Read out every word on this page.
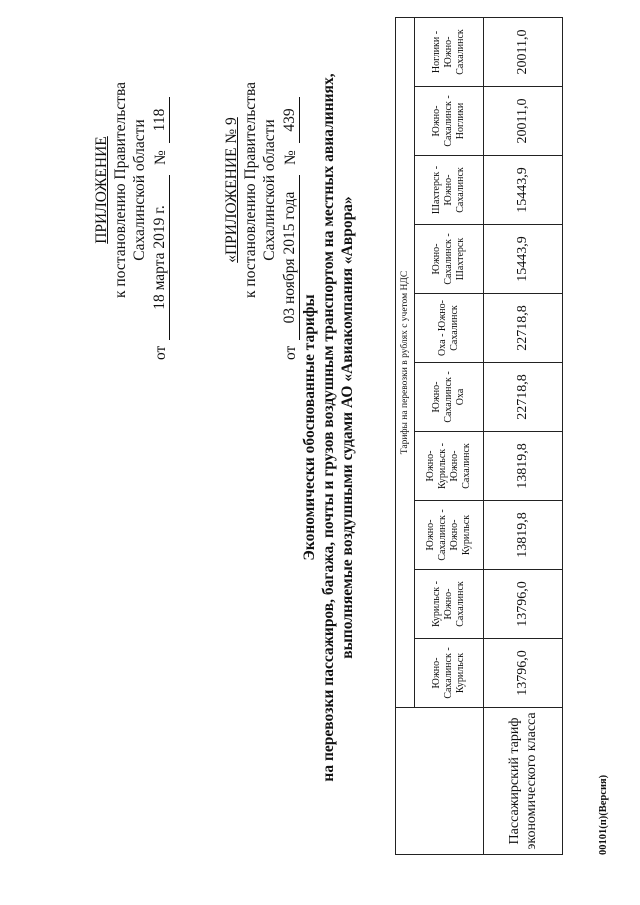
ПРИЛОЖЕНИЕ к постановлению Правительства Сахалинской области
от
18 марта 2019 г.
№
118	«ПРИЛОЖЕНИЕ № 9 к постановлению Правительства Сахалинской области
от
03 ноября 2015 года
№
439
Экономически обоснованные тарифы на перевозки пассажиров, багажа, почты и грузов воздушным транспортом на местных авиалиниях, выполняемые воздушными судами АО «Авиакомпания «Аврора»
		Тарифы на перевозки в рублях с учетом НДС									
	Южно-Сахалинск - Курильск	Курильск - Южно-Сахалинск	Южно-Сахалинск - Южно-Курильск	Южно-Курильск - Южно-Сахалинск	Южно-Сахалинск - Оха	Оха - Южно-Сахалинск	Южно-Сахалинск - Шахтерск	Шахтерск - Южно-Сахалинск	Южно-Сахалинск - Ноглики	Ноглики - Южно-Сахалинск
Пассажирский тариф экономического класса	13796,0	13796,0	13819,8	13819,8	22718,8	22718,8	15443,9	15443,9	20011,0	20011,0
00101(п)(Версия)
